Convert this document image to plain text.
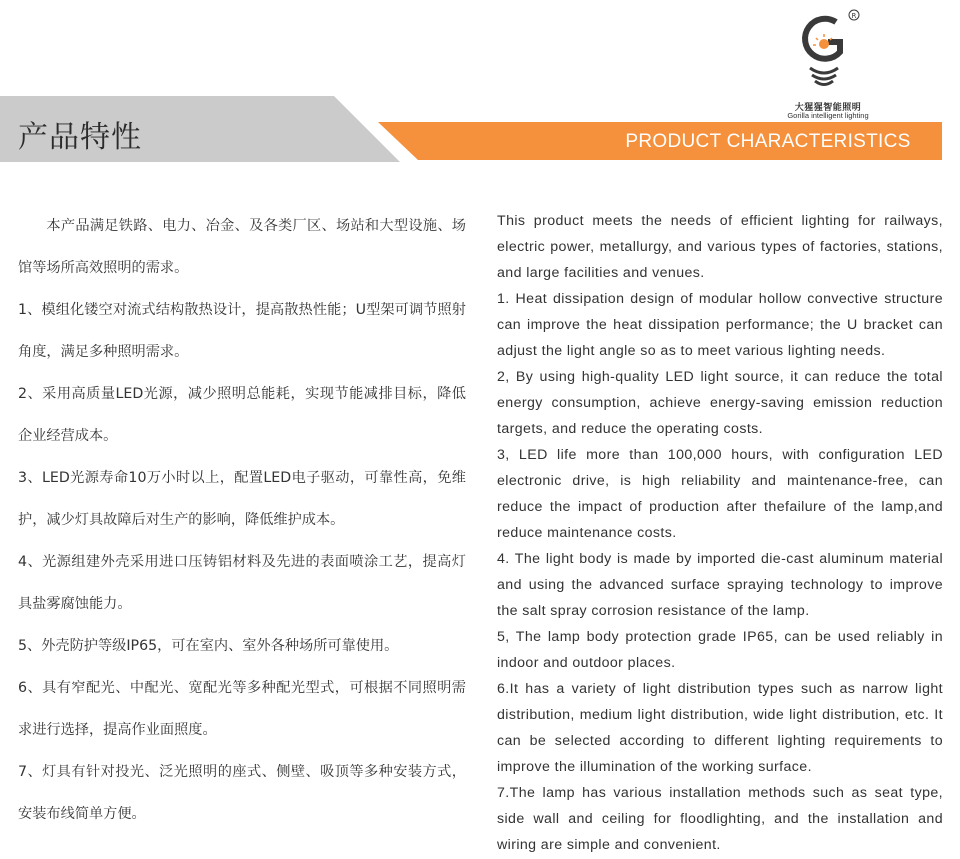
R
大猩猩智能照明
Gorilla intelligent lighting
产品特性	PRODUCT CHARACTERISTICS

本产品满足铁路、电力、冶金、及各类厂区、场站和大型设施、场馆等场所高效照明的需求。

1、模组化镂空对流式结构散热设计，提高散热性能；U型架可调节照射角度，满足多种照明需求。

2、采用高质量LED光源，减少照明总能耗，实现节能减排目标，降低企业经营成本。

3、LED光源寿命10万小时以上，配置LED电子驱动，可靠性高，免维护，减少灯具故障后对生产的影响，降低维护成本。

4、光源组建外壳采用进口压铸铝材料及先进的表面喷涂工艺，提高灯具盐雾腐蚀能力。

5、外壳防护等级IP65，可在室内、室外各种场所可靠使用。

6、具有窄配光、中配光、宽配光等多种配光型式，可根据不同照明需求进行选择，提高作业面照度。

7、灯具有针对投光、泛光照明的座式、侧壁、吸顶等多种安装方式，安装布线简单方便。

This product meets the needs of efficient lighting for railways, electric power, metallurgy, and various types of factories, stations, and large facilities and venues.

1. Heat dissipation design of modular hollow convective structure can improve the heat dissipation performance; the U bracket can adjust the light angle so as to meet various lighting needs.

2, By using high-quality LED light source, it can reduce the total energy consumption, achieve energy-saving emission reduction targets, and reduce the operating costs.

3, LED life more than 100,000 hours, with configuration LED electronic drive, is high reliability and maintenance-free, can reduce the impact of production after thefailure of the lamp,and reduce maintenance costs.

4. The light body is made by imported die-cast aluminum material and using the advanced surface spraying technology to improve the salt spray corrosion resistance of the lamp.

5, The lamp body protection grade IP65, can be used reliably in indoor and outdoor places.

6.It has a variety of light distribution types such as narrow light distribution, medium light distribution, wide light distribution, etc. It can be selected according to different lighting requirements to improve the illumination of the working surface.

7.The lamp has various installation methods such as seat type, side wall and ceiling for floodlighting, and the installation and wiring are simple and convenient.
